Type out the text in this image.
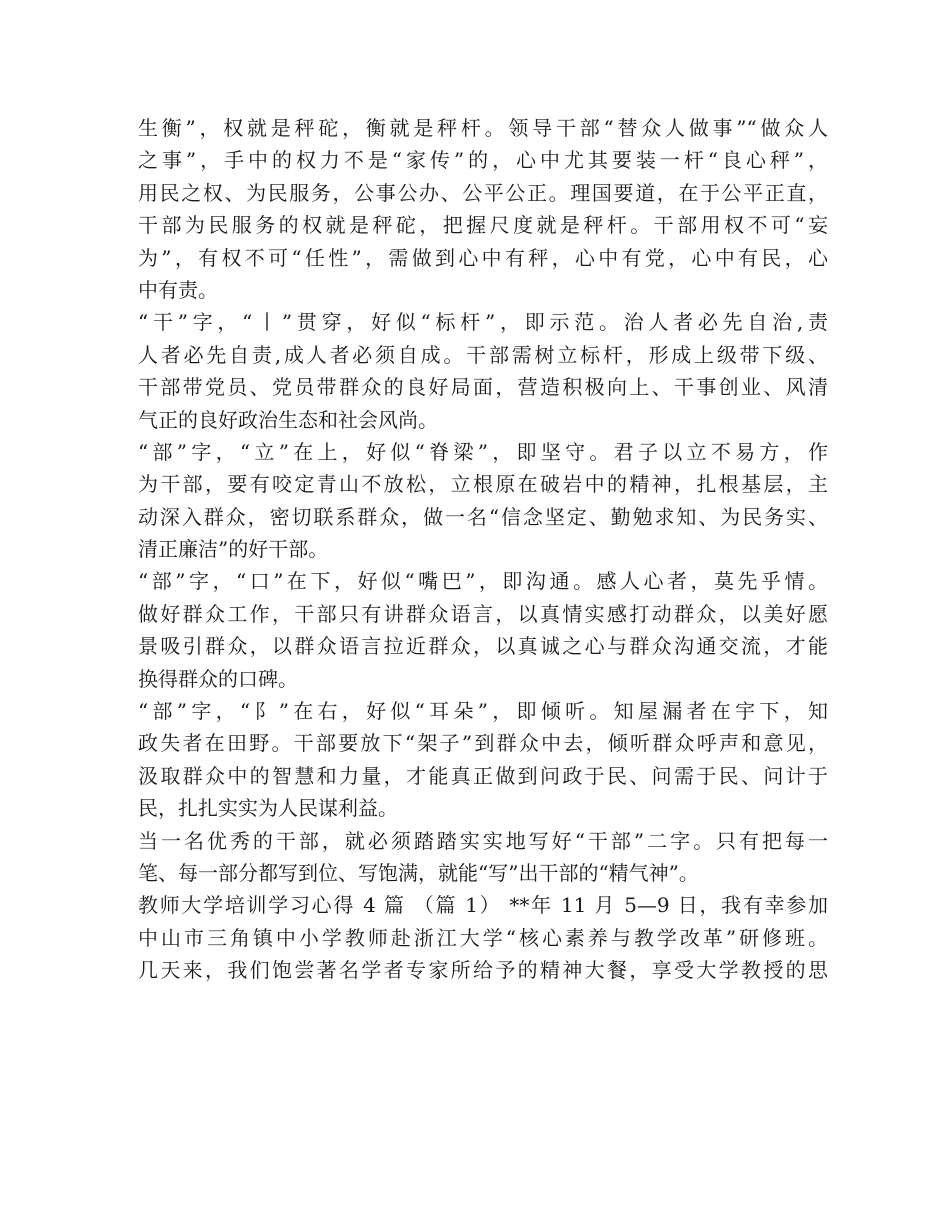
生衡”，权就是秤砣，衡就是秤杆。领导干部“替众人做事”“做众人
之事”，手中的权力不是“家传”的，心中尤其要装一杆“良心秤”，
用民之权、为民服务，公事公办、公平公正。理国要道，在于公平正直，
干部为民服务的权就是秤砣，把握尺度就是秤杆。干部用权不可“妄
为”，有权不可“任性”，需做到心中有秤，心中有党，心中有民，心
中有责。
“干”字，“丨”贯穿，好似“标杆”，即示范。治人者必先自治,责
人者必先自责,成人者必须自成。干部需树立标杆，形成上级带下级、
干部带党员、党员带群众的良好局面，营造积极向上、干事创业、风清
气正的良好政治生态和社会风尚。
“部”字，“立”在上，好似“脊梁”，即坚守。君子以立不易方，作
为干部，要有咬定青山不放松，立根原在破岩中的精神，扎根基层，主
动深入群众，密切联系群众，做一名“信念坚定、勤勉求知、为民务实、
清正廉洁”的好干部。
“部”字，“口”在下，好似“嘴巴”，即沟通。感人心者，莫先乎情。
做好群众工作，干部只有讲群众语言，以真情实感打动群众，以美好愿
景吸引群众，以群众语言拉近群众，以真诚之心与群众沟通交流，才能
换得群众的口碑。
“部”字，“阝”在右，好似“耳朵”，即倾听。知屋漏者在宇下，知
政失者在田野。干部要放下“架子”到群众中去，倾听群众呼声和意见，
汲取群众中的智慧和力量，才能真正做到问政于民、问需于民、问计于
民，扎扎实实为人民谋利益。
当一名优秀的干部，就必须踏踏实实地写好“干部”二字。只有把每一
笔、每一部分都写到位、写饱满，就能“写”出干部的“精气神”。
教师大学培训学习心得 4 篇 （篇 1） **年 11 月 5—9 日，我有幸参加
中山市三角镇中小学教师赴浙江大学“核心素养与教学改革”研修班。
几天来，我们饱尝著名学者专家所给予的精神大餐，享受大学教授的思
